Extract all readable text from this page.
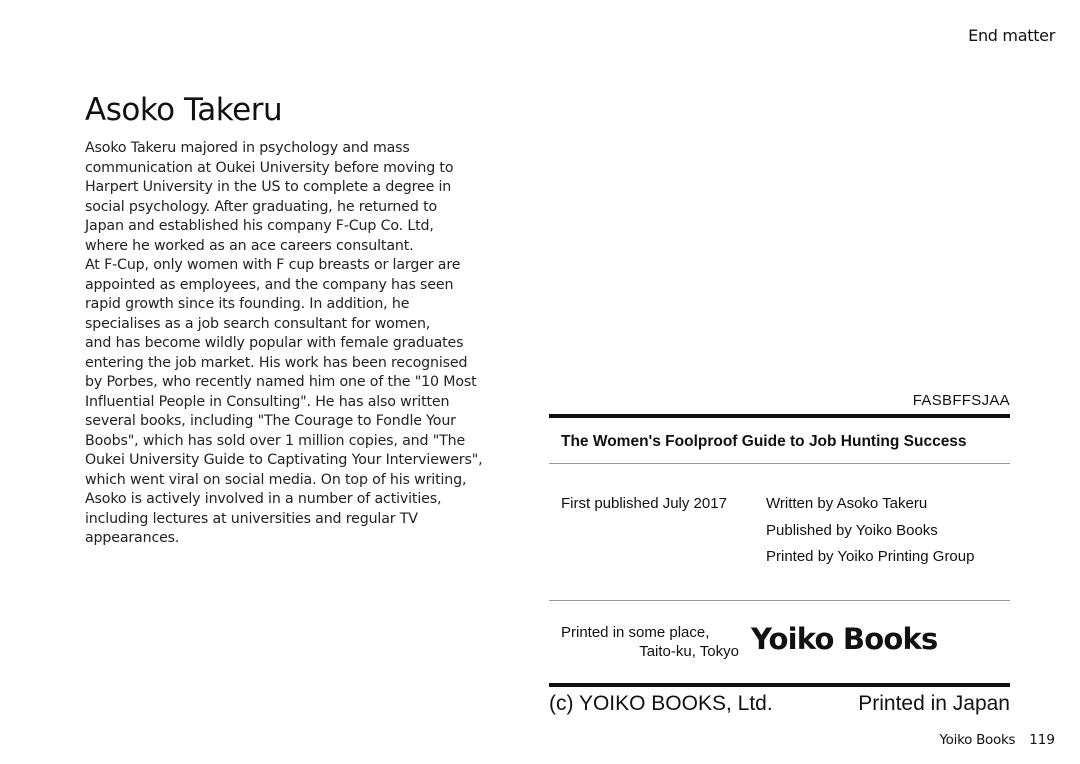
End matter
Asoko Takeru
Asoko Takeru majored in psychology and mass
communication at Oukei University before moving to
Harpert University in the US to complete a degree in
social psychology. After graduating, he returned to
Japan and established his company F-Cup Co. Ltd,
where he worked as an ace careers consultant.
At F-Cup, only women with F cup breasts or larger are
appointed as employees, and the company has seen
rapid growth since its founding. In addition, he
specialises as a job search consultant for women,
and has become wildly popular with female graduates
entering the job market. His work has been recognised
by Porbes, who recently named him one of the "10 Most
Influential People in Consulting". He has also written
several books, including "The Courage to Fondle Your
Boobs", which has sold over 1 million copies, and "The
Oukei University Guide to Captivating Your Interviewers",
which went viral on social media. On top of his writing,
Asoko is actively involved in a number of activities,
including lectures at universities and regular TV
appearances.
FASBFFSJAA
The Women's Foolproof Guide to Job Hunting Success
First published July 2017	Written by Asoko Takeru
Published by Yoiko Books
Printed by Yoiko Printing Group
Printed in some place,
Taito-ku, Tokyo Yoiko Books
(c) YOIKO BOOKS, Ltd.	Printed in Japan
Yoiko Books 119
